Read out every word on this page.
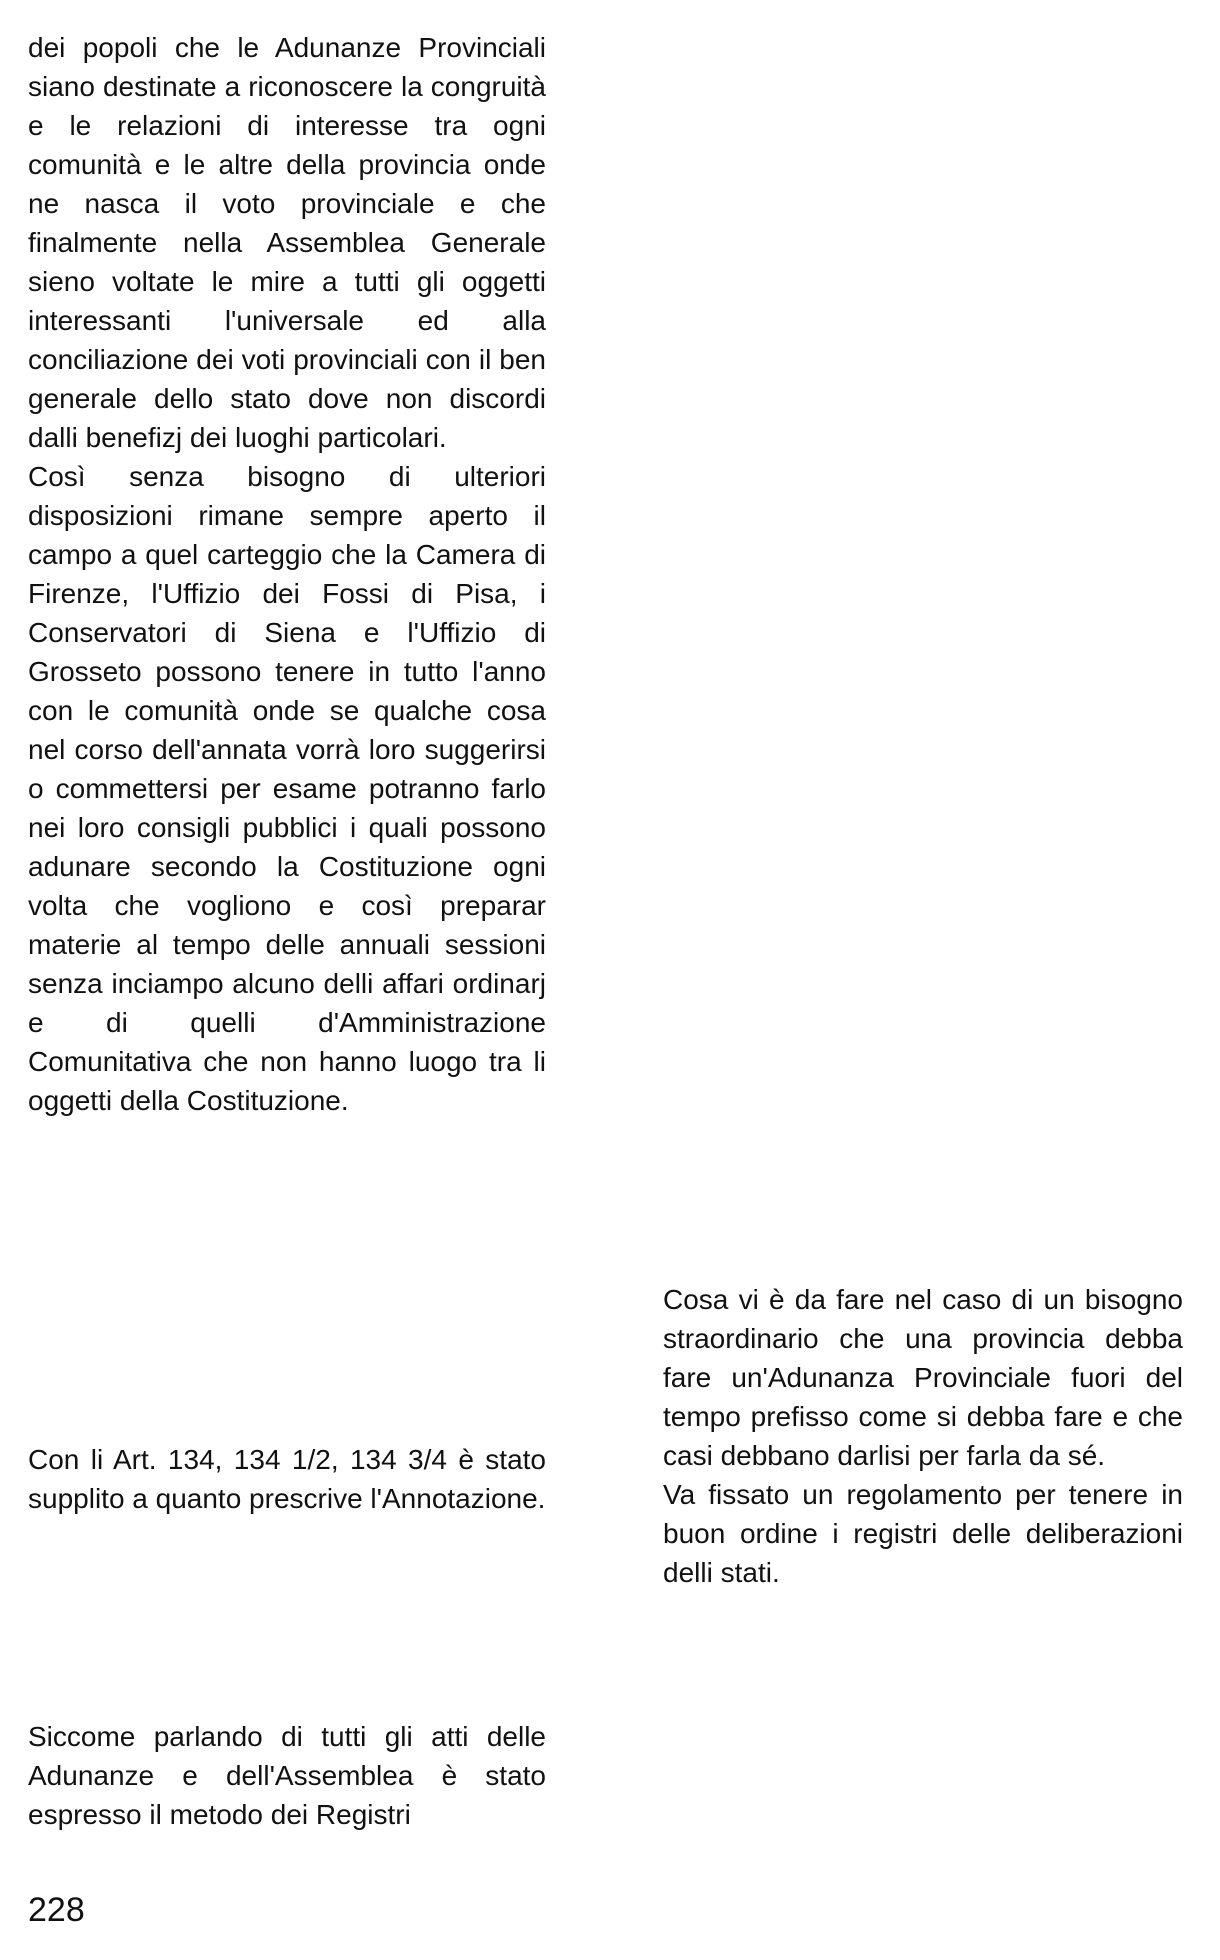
dei popoli che le Adunanze Provinciali siano destinate a riconoscere la congruità e le relazioni di interesse tra ogni comunità e le altre della provincia onde ne nasca il voto provinciale e che finalmente nella Assemblea Generale sieno voltate le mire a tutti gli oggetti interessanti l'universale ed alla conciliazione dei voti provinciali con il ben generale dello stato dove non discordi dalli benefizj dei luoghi particolari.

Così senza bisogno di ulteriori disposizioni rimane sempre aperto il campo a quel carteggio che la Camera di Firenze, l'Uffizio dei Fossi di Pisa, i Conservatori di Siena e l'Uffizio di Grosseto possono tenere in tutto l'anno con le comunità onde se qualche cosa nel corso dell'annata vorrà loro suggerirsi o commettersi per esame potranno farlo nei loro consigli pubblici i quali possono adunare secondo la Costituzione ogni volta che vogliono e così preparar materie al tempo delle annuali sessioni senza inciampo alcuno delli affari ordinarj e di quelli d'Amministrazione Comunitativa che non hanno luogo tra li oggetti della Costituzione.

Con li Art. 134, 134 1/2, 134 3/4 è stato supplito a quanto prescrive l'Annotazione.

Siccome parlando di tutti gli atti delle Adunanze e dell'Assemblea è stato espresso il metodo dei Registri

Cosa vi è da fare nel caso di un bisogno straordinario che una provincia debba fare un'Adunanza Provinciale fuori del tempo prefisso come si debba fare e che casi debbano darlisi per farla da sé.

Va fissato un regolamento per tenere in buon ordine i registri delle deliberazioni delli stati.

228
